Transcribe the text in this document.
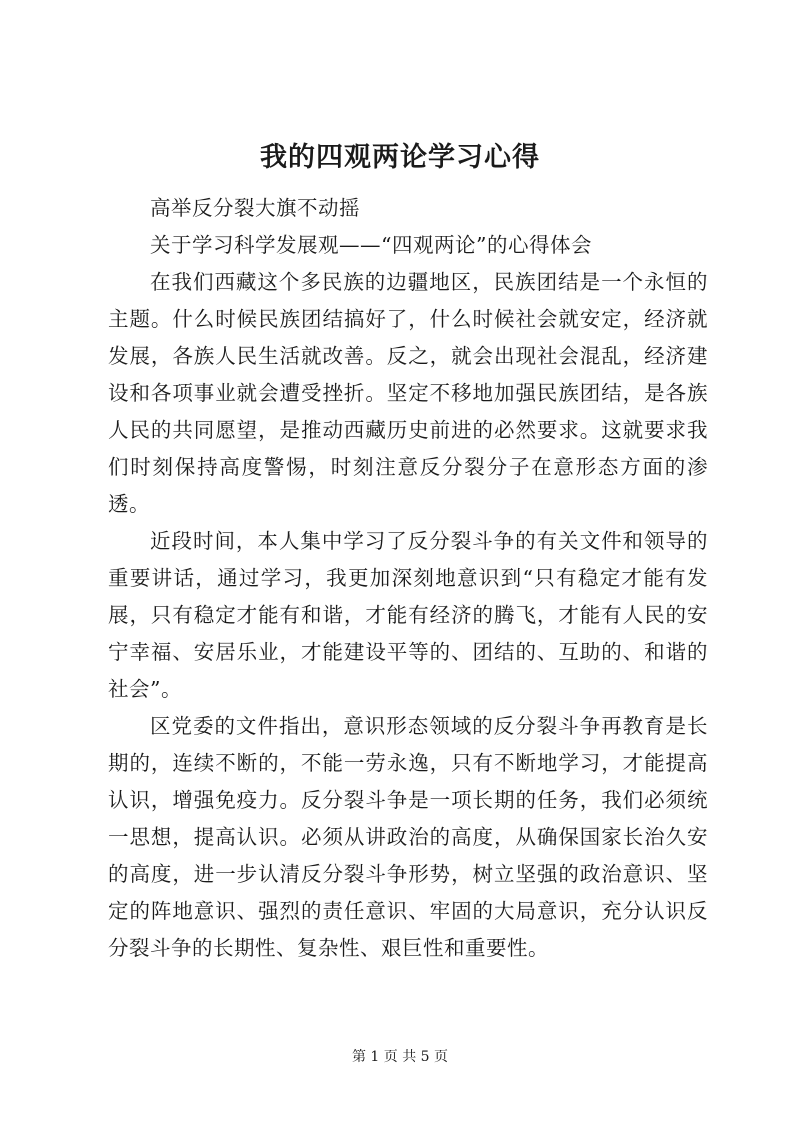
我的四观两论学习心得

高举反分裂大旗不动摇

关于学习科学发展观——“四观两论”的心得体会

在我们西藏这个多民族的边疆地区，民族团结是一个永恒的主题。什么时候民族团结搞好了，什么时候社会就安定，经济就发展，各族人民生活就改善。反之，就会出现社会混乱，经济建设和各项事业就会遭受挫折。坚定不移地加强民族团结，是各族人民的共同愿望，是推动西藏历史前进的必然要求。这就要求我们时刻保持高度警惕，时刻注意反分裂分子在意形态方面的渗透。

近段时间，本人集中学习了反分裂斗争的有关文件和领导的重要讲话，通过学习，我更加深刻地意识到“只有稳定才能有发展，只有稳定才能有和谐，才能有经济的腾飞，才能有人民的安宁幸福、安居乐业，才能建设平等的、团结的、互助的、和谐的社会”。

区党委的文件指出，意识形态领域的反分裂斗争再教育是长期的，连续不断的，不能一劳永逸，只有不断地学习，才能提高认识，增强免疫力。反分裂斗争是一项长期的任务，我们必须统一思想，提高认识。必须从讲政治的高度，从确保国家长治久安的高度，进一步认清反分裂斗争形势，树立坚强的政治意识、坚定的阵地意识、强烈的责任意识、牢固的大局意识，充分认识反分裂斗争的长期性、复杂性、艰巨性和重要性。

第 1 页 共 5 页
